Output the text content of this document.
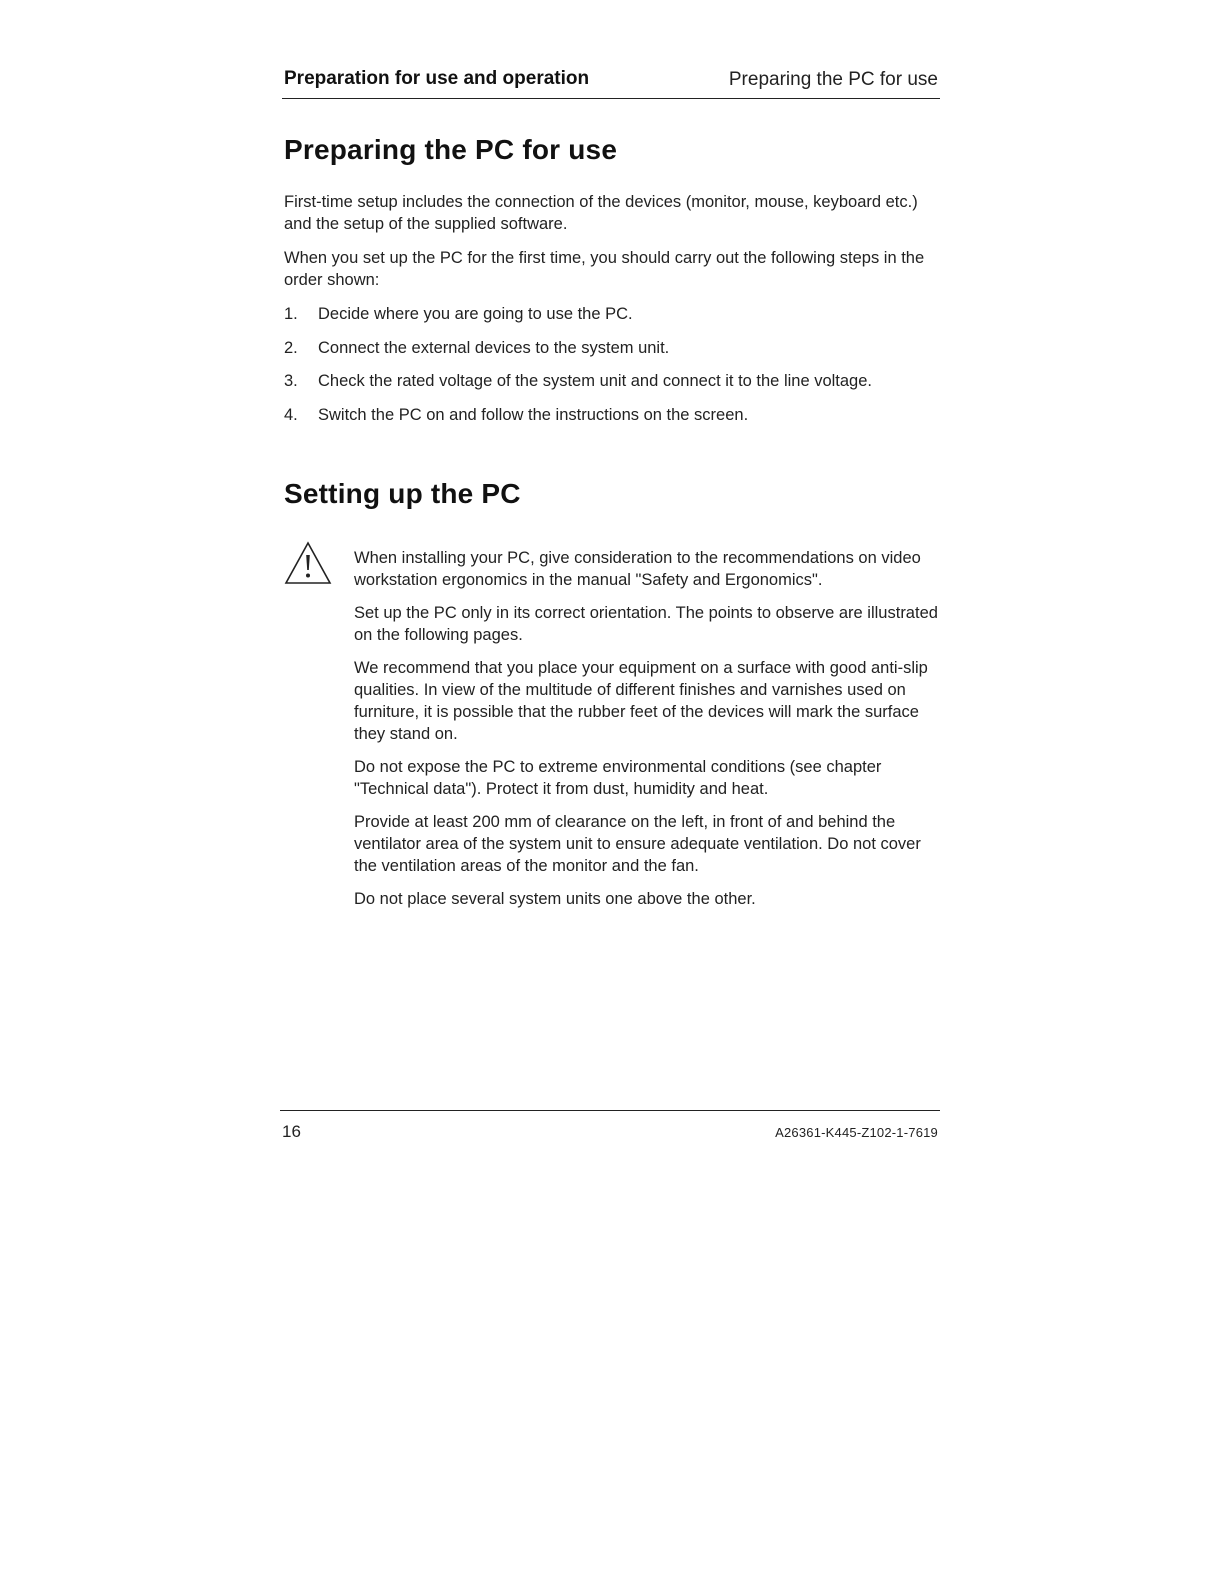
Preparation for use and operation	Preparing the PC for use
Preparing the PC for use

First-time setup includes the connection of the devices (monitor, mouse, keyboard etc.) and the setup of the supplied software.

When you set up the PC for the first time, you should carry out the following steps in the order shown:

1. Decide where you are going to use the PC.
2. Connect the external devices to the system unit.
3. Check the rated voltage of the system unit and connect it to the line voltage.
4. Switch the PC on and follow the instructions on the screen.
Setting up the PC

When installing your PC, give consideration to the recommendations on video workstation ergonomics in the manual "Safety and Ergonomics".

Set up the PC only in its correct orientation. The points to observe are illustrated on the following pages.

We recommend that you place your equipment on a surface with good anti-slip qualities. In view of the multitude of different finishes and varnishes used on furniture, it is possible that the rubber feet of the devices will mark the surface they stand on.

Do not expose the PC to extreme environmental conditions (see chapter "Technical data"). Protect it from dust, humidity and heat.

Provide at least 200 mm of clearance on the left, in front of and behind the ventilator area of the system unit to ensure adequate ventilation. Do not cover the ventilation areas of the monitor and the fan.

Do not place several system units one above the other.

16	A26361-K445-Z102-1-7619
